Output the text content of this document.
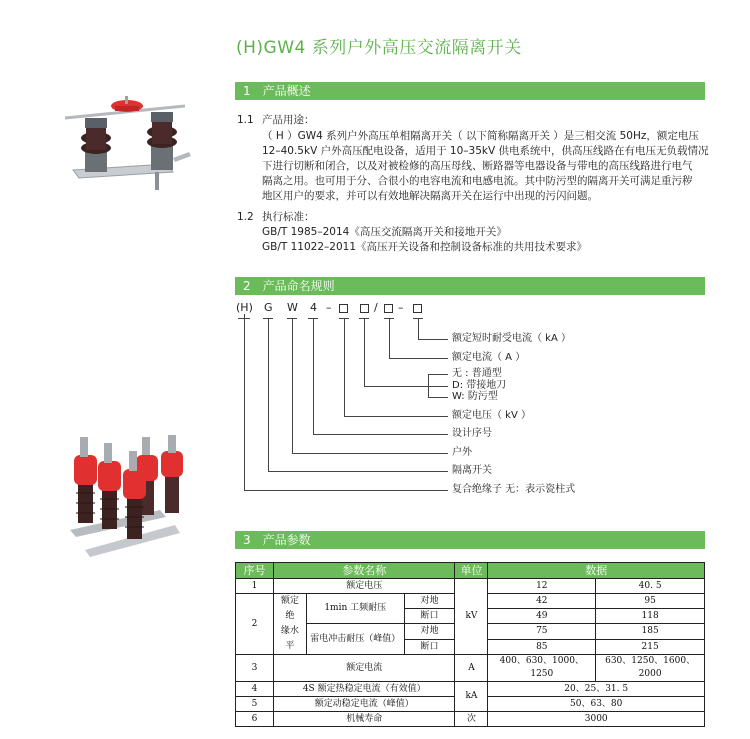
(H)GW4 系列户外高压交流隔离开关
1 产品概述
1.1 产品用途：
（ H ）GW4 系列户外高压单相隔离开关（ 以下简称隔离开关 ）是三相交流 50Hz，额定电压
12–40.5kV 户外高压配电设备，适用于 10–35kV 供电系统中，供高压线路在有电压无负载情况
下进行切断和闭合，以及对被检修的高压母线、断路器等电器设备与带电的高压线路进行电气
隔离之用。也可用于分、合很小的电容电流和电感电流。其中防污型的隔离开关可满足重污秽
地区用户的要求，并可以有效地解决隔离开关在运行中出现的污闪问题。
1.2 执行标准：
GB/T 1985–2014《高压交流隔离开关和接地开关》
GB/T 11022–2011《高压开关设备和控制设备标准的共用技术要求》
2 产品命名规则
(H) G W 4 –	/ –
额定短时耐受电流（ kA ）
额定电流（ A ）
无 : 普通型
D: 带接地刀
W: 防污型
额定电压（ kV ）
设计序号
户外
隔离开关
复合绝缘子 无：表示瓷柱式
3 产品参数
序号	参数名称			单位	数据	
1	额定电压			kV	12	40. 5
2	额定
绝
缘水
平	1min 工频耐压	对地		42	95
			断口		49	118
		雷电冲击耐压（峰值）	对地		75	185
			断口		85	215
3	额定电流			A	400、630、1000、1250	630、1250、1600、2000
4	4S 额定热稳定电流（有效值）			kA	20、25、31. 5	
5	额定动稳定电流（峰值）				50、63、80	
6	机械寿命			次	3000	
